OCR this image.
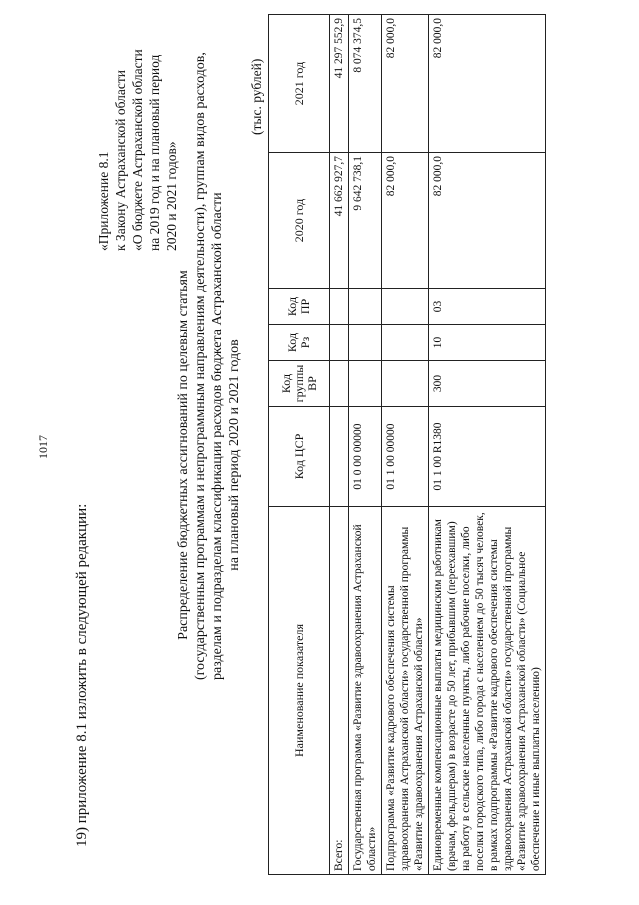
1017
19) приложение 8.1 изложить в следующей редакции:
«Приложение 8.1 к Закону Астраханской области «О бюджете Астраханской области на 2019 год и на плановый период 2020 и 2021 годов»
Распределение бюджетных ассигнований по целевым статьям (государственным программам и непрограммным направлениям деятельности), группам видов расходов, разделам и подразделам классификации расходов бюджета Астраханской области на плановый период 2020 и 2021 годов
(тыс. рублей)
Наименование показателя	Код ЦСР	Код группы ВР	Код Рз	Код ПР	2020 год	2021 год
Всего:					41 662 927,7	41 297 552,9
Государственная программа «Развитие здравоохранения Астраханской области»	01 0 00 00000				9 642 738,1	8 074 374,5
Подпрограмма «Развитие кадрового обеспечения системы здравоохранения Астраханской области» государственной программы «Развитие здравоохранения Астраханской области»	01 1 00 00000				82 000,0	82 000,0
Единовременные компенсационные выплаты медицинским работникам (врачам, фельдшерам) в возрасте до 50 лет, прибывшим (переехавшим) на работу в сельские населенные пункты, либо рабочие поселки, либо поселки городского типа, либо города с населением до 50 тысяч человек, в рамках подпрограммы «Развитие кадрового обеспечения системы здравоохранения Астраханской области» государственной программы «Развитие здравоохранения Астраханской области» (Социальное обеспечение и иные выплаты населению)	01 1 00 R1380	300	10	03	82 000,0	82 000,0
